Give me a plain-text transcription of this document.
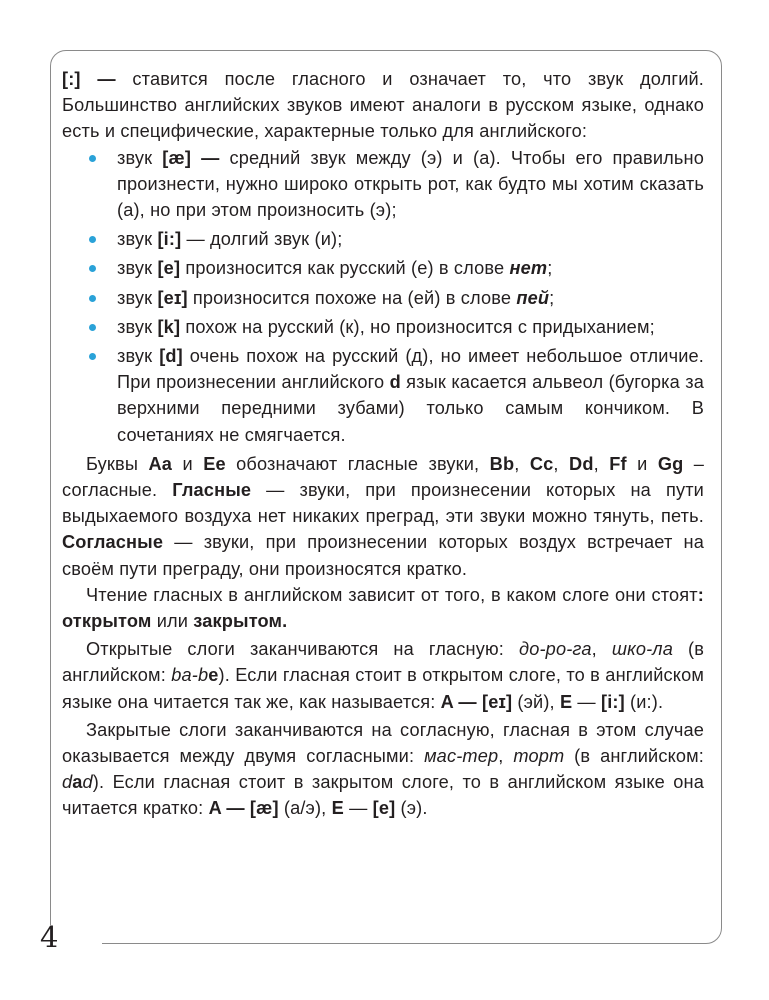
4

[:] — ставится после гласного и означает то, что звук долгий. Большинство английских звуков имеют аналоги в русском языке, однако есть и специфические, характерные только для английского:

звук [æ] — средний звук между (э) и (а). Чтобы его правильно произнести, нужно широко открыть рот, как будто мы хотим сказать (а), но при этом произносить (э);
звук [i:] — долгий звук (и);
звук [e] произносится как русский (е) в слове нет;
звук [eɪ] произносится похоже на (ей) в слове пей;
звук [k] похож на русский (к), но произносится с придыханием;
звук [d] очень похож на русский (д), но имеет небольшое отличие. При произнесении английского d язык касается альвеол (бугорка за верхними передними зубами) только самым кончиком. В сочетаниях не смягчается.

Буквы Aa и Ee обозначают гласные звуки, Bb, Cc, Dd, Ff и Gg – согласные. Гласные — звуки, при произнесении которых на пути выдыхаемого воздуха нет никаких преград, эти звуки можно тянуть, петь. Согласные — звуки, при произнесении которых воздух встречает на своём пути преграду, они произносятся кратко.

Чтение гласных в английском зависит от того, в каком слоге они стоят: открытом или закрытом.

Открытые слоги заканчиваются на гласную: до-ро-га, шко-ла (в английском: ba-be). Если гласная стоит в открытом слоге, то в английском языке она читается так же, как называется: A — [eɪ] (эй), E — [i:] (и:).

Закрытые слоги заканчиваются на согласную, гласная в этом случае оказывается между двумя согласными: мас-тер, торт (в английском: dad). Если гласная стоит в закрытом слоге, то в английском языке она читается кратко: A — [æ] (а/э), E — [e] (э).
